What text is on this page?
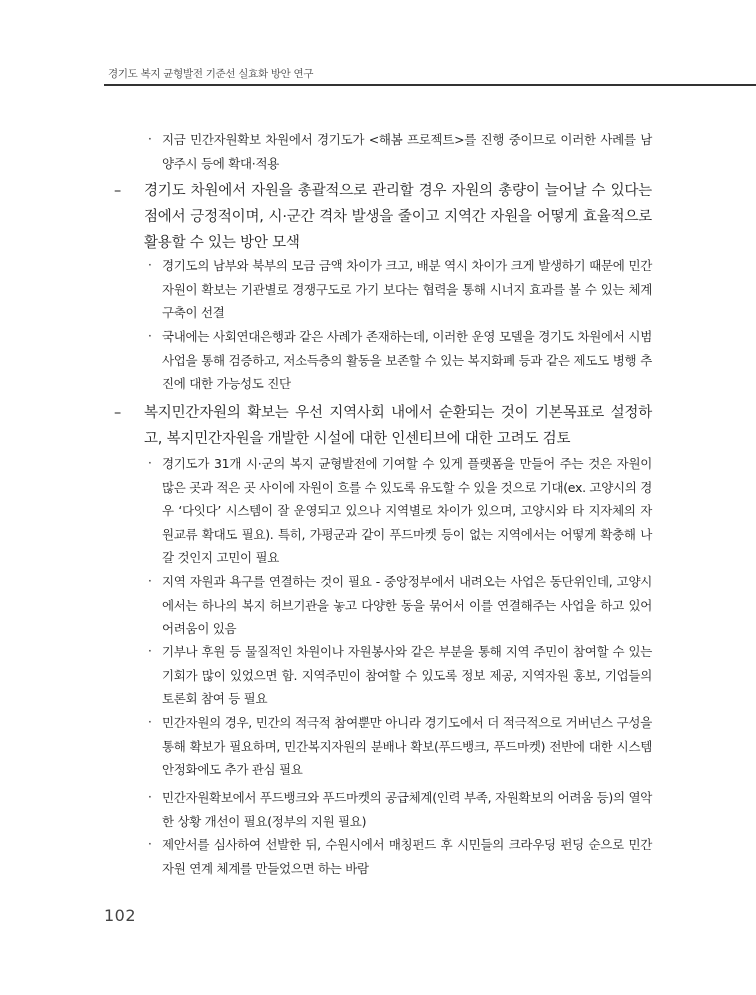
경기도 복지 균형발전 기준선 실효화 방안 연구
· 지금 민간자원확보 차원에서 경기도가 <해봄 프로젝트>를 진행 중이므로 이러한 사례를 남양주시 등에 확대·적용
–	경기도 차원에서 자원을 총괄적으로 관리할 경우 자원의 총량이 늘어날 수 있다는 점에서 긍정적이며, 시·군간 격차 발생을 줄이고 지역간 자원을 어떻게 효율적으로 활용할 수 있는 방안 모색
· 경기도의 남부와 북부의 모금 금액 차이가 크고, 배분 역시 차이가 크게 발생하기 때문에 민간자원이 확보는 기관별로 경쟁구도로 가기 보다는 협력을 통해 시너지 효과를 볼 수 있는 체계 구축이 선결
· 국내에는 사회연대은행과 같은 사례가 존재하는데, 이러한 운영 모델을 경기도 차원에서 시범사업을 통해 검증하고, 저소득층의 활동을 보존할 수 있는 복지화폐 등과 같은 제도도 병행 추진에 대한 가능성도 진단
–	복지민간자원의 확보는 우선 지역사회 내에서 순환되는 것이 기본목표로 설정하고, 복지민간자원을 개발한 시설에 대한 인센티브에 대한 고려도 검토
· 경기도가 31개 시·군의 복지 균형발전에 기여할 수 있게 플랫폼을 만들어 주는 것은 자원이 많은 곳과 적은 곳 사이에 자원이 흐를 수 있도록 유도할 수 있을 것으로 기대(ex. 고양시의 경우 ‘다잇다’ 시스템이 잘 운영되고 있으나 지역별로 차이가 있으며, 고양시와 타 지자체의 자원교류 확대도 필요). 특히, 가평군과 같이 푸드마켓 등이 없는 지역에서는 어떻게 확충해 나갈 것인지 고민이 필요
· 지역 자원과 욕구를 연결하는 것이 필요 - 중앙정부에서 내려오는 사업은 동단위인데, 고양시에서는 하나의 복지 허브기관을 놓고 다양한 동을 묶어서 이를 연결해주는 사업을 하고 있어 어려움이 있음
· 기부나 후원 등 물질적인 차원이나 자원봉사와 같은 부분을 통해 지역 주민이 참여할 수 있는 기회가 많이 있었으면 함. 지역주민이 참여할 수 있도록 정보 제공, 지역자원 홍보, 기업들의 토론회 참여 등 필요
· 민간자원의 경우, 민간의 적극적 참여뿐만 아니라 경기도에서 더 적극적으로 거버넌스 구성을 통해 확보가 필요하며, 민간복지자원의 분배나 확보(푸드뱅크, 푸드마켓) 전반에 대한 시스템 안정화에도 추가 관심 필요
· 민간자원확보에서 푸드뱅크와 푸드마켓의 공급체계(인력 부족, 자원확보의 어려움 등)의 열악한 상황 개선이 필요(정부의 지원 필요)
· 제안서를 심사하여 선발한 뒤, 수원시에서 매칭펀드 후 시민들의 크라우딩 펀딩 순으로 민간자원 연계 체계를 만들었으면 하는 바람
102
